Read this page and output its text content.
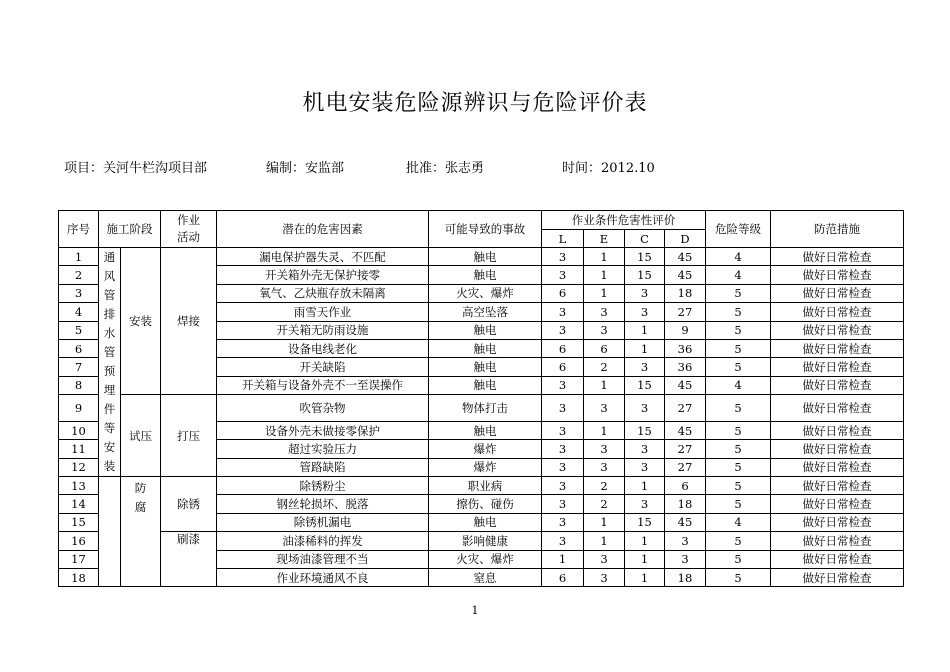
机电安装危险源辨识与危险评价表
项目：关河牛栏沟项目部	编制：安监部	批准：张志勇	时间：2012.10
序号	施工阶段		作业活动	潜在的危害因素	可能导致的事故	作业条件危害性评价				危险等级	防范措施
						L	E	C	D		
1	通风管排水管预埋件等安装	安装	焊接	漏电保护器失灵、不匹配	触电	3	1	15	45	4	做好日常检查
2				开关箱外壳无保护接零	触电	3	1	15	45	4	做好日常检查
3				氧气、乙炔瓶存放未隔离	火灾、爆炸	6	1	3	18	5	做好日常检查
4				雨雪天作业	高空坠落	3	3	3	27	5	做好日常检查
5				开关箱无防雨设施	触电	3	3	1	9	5	做好日常检查
6				设备电线老化	触电	6	6	1	36	5	做好日常检查
7				开关缺陷	触电	6	2	3	36	5	做好日常检查
8				开关箱与设备外壳不一至误操作	触电	3	1	15	45	4	做好日常检查
9		试压	打压	吹管杂物	物体打击	3	3	3	27	5	做好日常检查
10				设备外壳未做接零保护	触电	3	1	15	45	5	做好日常检查
11				超过实验压力	爆炸	3	3	3	27	5	做好日常检查
12				管路缺陷	爆炸	3	3	3	27	5	做好日常检查
13		防腐	除锈	除锈粉尘	职业病	3	2	1	6	5	做好日常检查
14				钢丝轮损坏、脱落	擦伤、碰伤	3	2	3	18	5	做好日常检查
15				除锈机漏电	触电	3	1	15	45	4	做好日常检查
16			刷漆	油漆稀料的挥发	影响健康	3	1	1	3	5	做好日常检查
17				现场油漆管理不当	火灾、爆炸	1	3	1	3	5	做好日常检查
18				作业环境通风不良	窒息	6	3	1	18	5	做好日常检查
1
